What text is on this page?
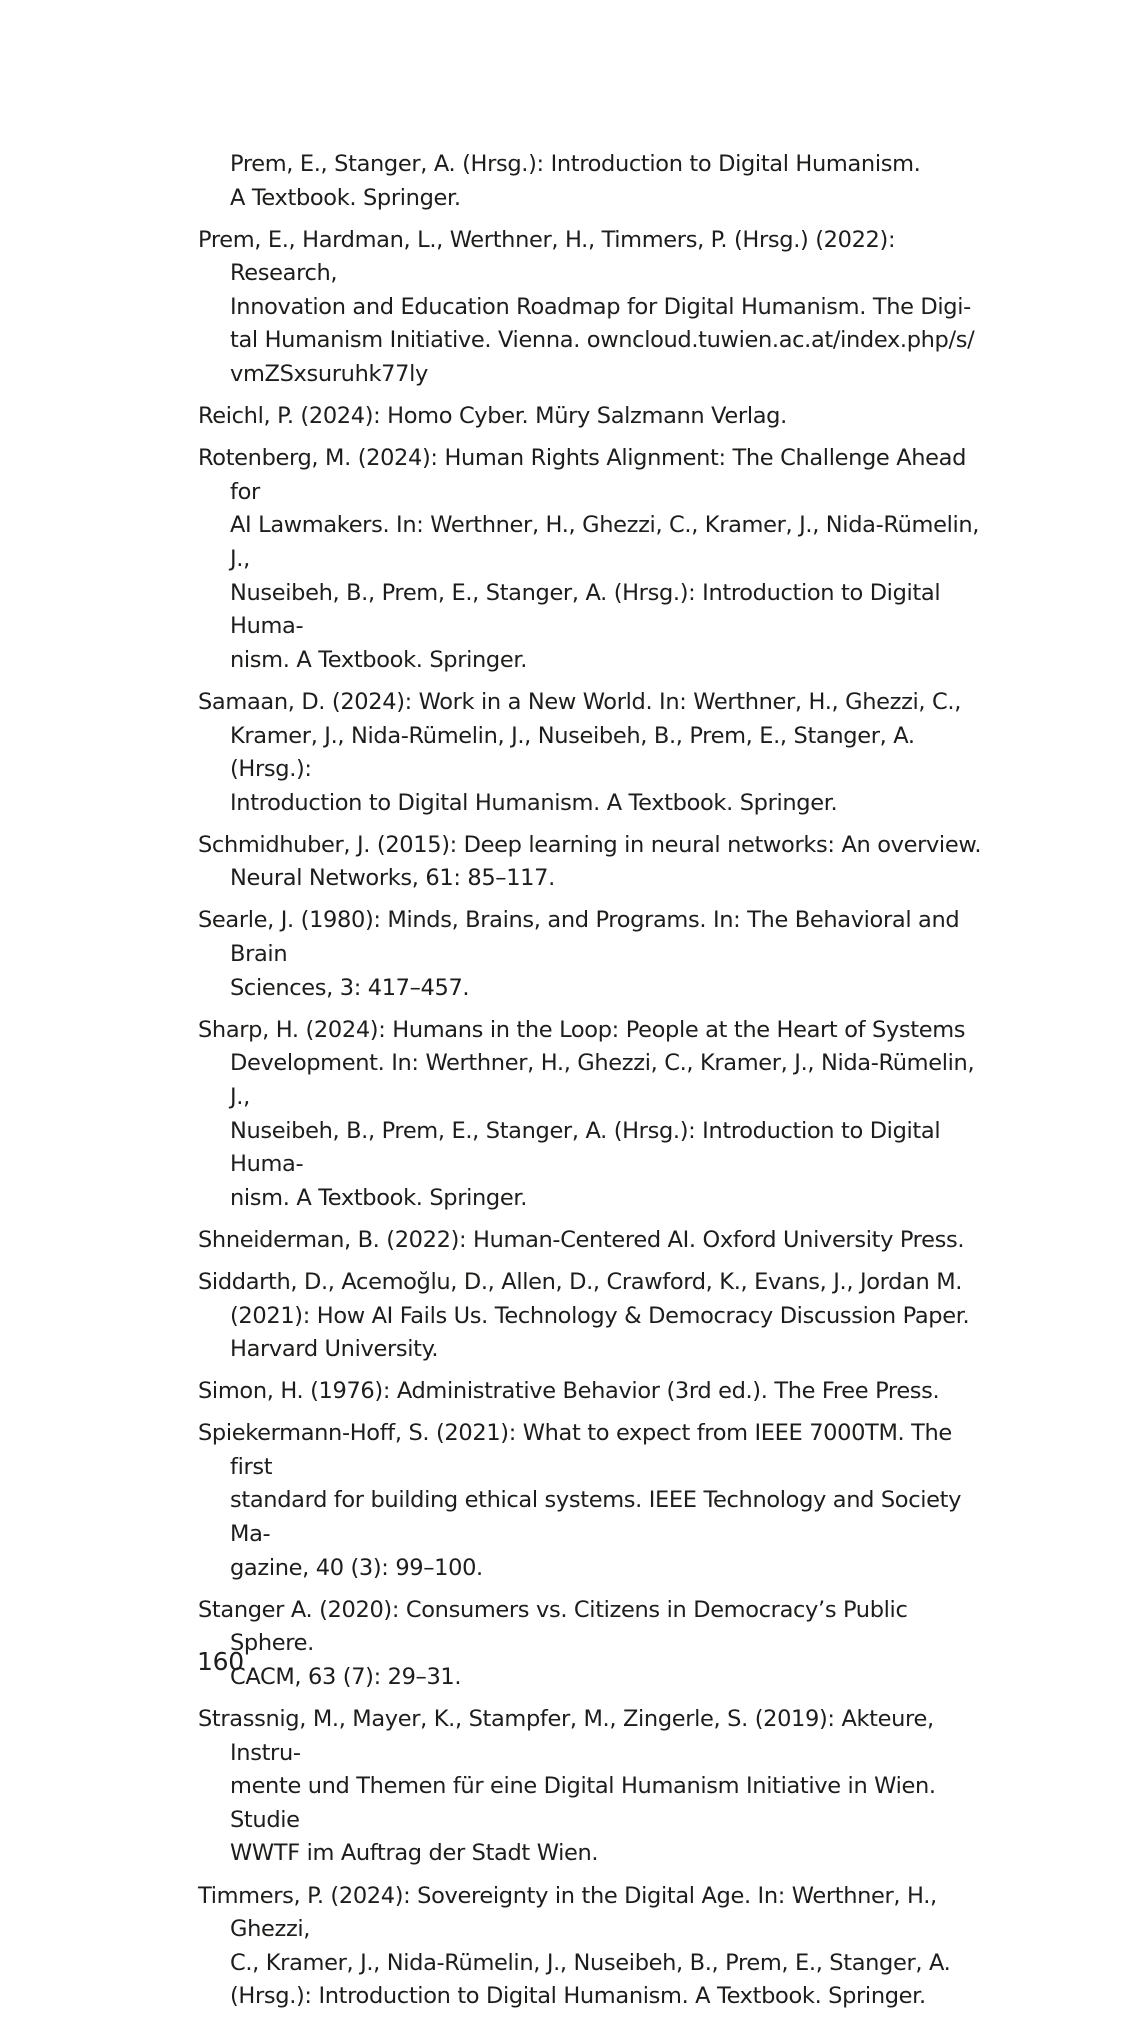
Prem, E., Stanger, A. (Hrsg.): Introduction to Digital Humanism.
A Textbook. Springer.
Prem, E., Hardman, L., Werthner, H., Timmers, P. (Hrsg.) (2022): Research,
Innovation and Education Roadmap for Digital Humanism. The Digi-
tal Humanism Initiative. Vienna. owncloud.tuwien.ac.at/index.php/s/
vmZSxsuruhk77ly
Reichl, P. (2024): Homo Cyber. Müry Salzmann Verlag.
Rotenberg, M. (2024): Human Rights Alignment: The Challenge Ahead for
AI Lawmakers. In: Werthner, H., Ghezzi, C., Kramer, J., Nida-Rümelin, J.,
Nuseibeh, B., Prem, E., Stanger, A. (Hrsg.): Introduction to Digital Huma-
nism. A Textbook. Springer.
Samaan, D. (2024): Work in a New World. In: Werthner, H., Ghezzi, C.,
Kramer, J., Nida-Rümelin, J., Nuseibeh, B., Prem, E., Stanger, A. (Hrsg.):
Introduction to Digital Humanism. A Textbook. Springer.
Schmidhuber, J. (2015): Deep learning in neural networks: An overview.
Neural Networks, 61: 85–117.
Searle, J. (1980): Minds, Brains, and Programs. In: The Behavioral and Brain
Sciences, 3: 417–457.
Sharp, H. (2024): Humans in the Loop: People at the Heart of Systems
Development. In: Werthner, H., Ghezzi, C., Kramer, J., Nida-Rümelin, J.,
Nuseibeh, B., Prem, E., Stanger, A. (Hrsg.): Introduction to Digital Huma-
nism. A Textbook. Springer.
Shneiderman, B. (2022): Human-Centered AI. Oxford University Press.
Siddarth, D., Acemoğlu, D., Allen, D., Crawford, K., Evans, J., Jordan M.
(2021): How AI Fails Us. Technology & Democracy Discussion Paper.
Harvard University.
Simon, H. (1976): Administrative Behavior (3rd ed.). The Free Press.
Spiekermann-Hoff, S. (2021): What to expect from IEEE 7000TM. The first
standard for building ethical systems. IEEE Technology and Society Ma-
gazine, 40 (3): 99–100.
Stanger A. (2020): Consumers vs. Citizens in Democracy’s Public Sphere.
CACM, 63 (7): 29–31.
Strassnig, M., Mayer, K., Stampfer, M., Zingerle, S. (2019): Akteure, Instru-
mente und Themen für eine Digital Humanism Initiative in Wien. Studie
WWTF im Auftrag der Stadt Wien.
Timmers, P. (2024): Sovereignty in the Digital Age. In: Werthner, H., Ghezzi,
C., Kramer, J., Nida-Rümelin, J., Nuseibeh, B., Prem, E., Stanger, A.
(Hrsg.): Introduction to Digital Humanism. A Textbook. Springer.
160
